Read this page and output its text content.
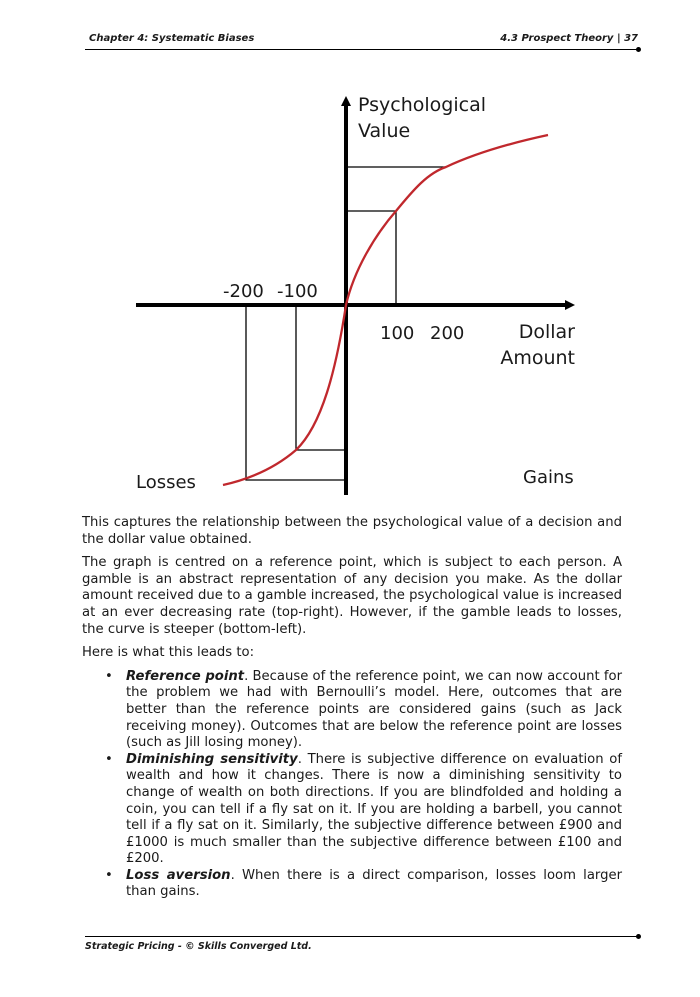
Chapter 4: Systematic Biases	4.3 Prospect Theory | 37
Psychological
Value
-200 -100
100 200	Dollar
Amount
Losses	Gains

This captures the relationship between the psychological value of a decision and the dollar value obtained.

The graph is centred on a reference point, which is subject to each person. A gamble is an abstract representation of any decision you make. As the dollar amount received due to a gamble increased, the psychological value is increased at an ever decreasing rate (top-right). However, if the gamble leads to losses, the curve is steeper (bottom-left).

Here is what this leads to:

• Reference point. Because of the reference point, we can now account for the problem we had with Bernoulli’s model. Here, outcomes that are better than the reference points are considered gains (such as Jack receiving money). Outcomes that are below the reference point are losses (such as Jill losing money).
• Diminishing sensitivity. There is subjective difference on evaluation of wealth and how it changes. There is now a diminishing sensitivity to change of wealth on both directions. If you are blindfolded and holding a coin, you can tell if a fly sat on it. If you are holding a barbell, you cannot tell if a fly sat on it. Similarly, the subjective difference between £900 and £1000 is much smaller than the subjective difference between £100 and £200.
• Loss aversion. When there is a direct comparison, losses loom larger than gains.
Strategic Pricing - © Skills Converged Ltd.
